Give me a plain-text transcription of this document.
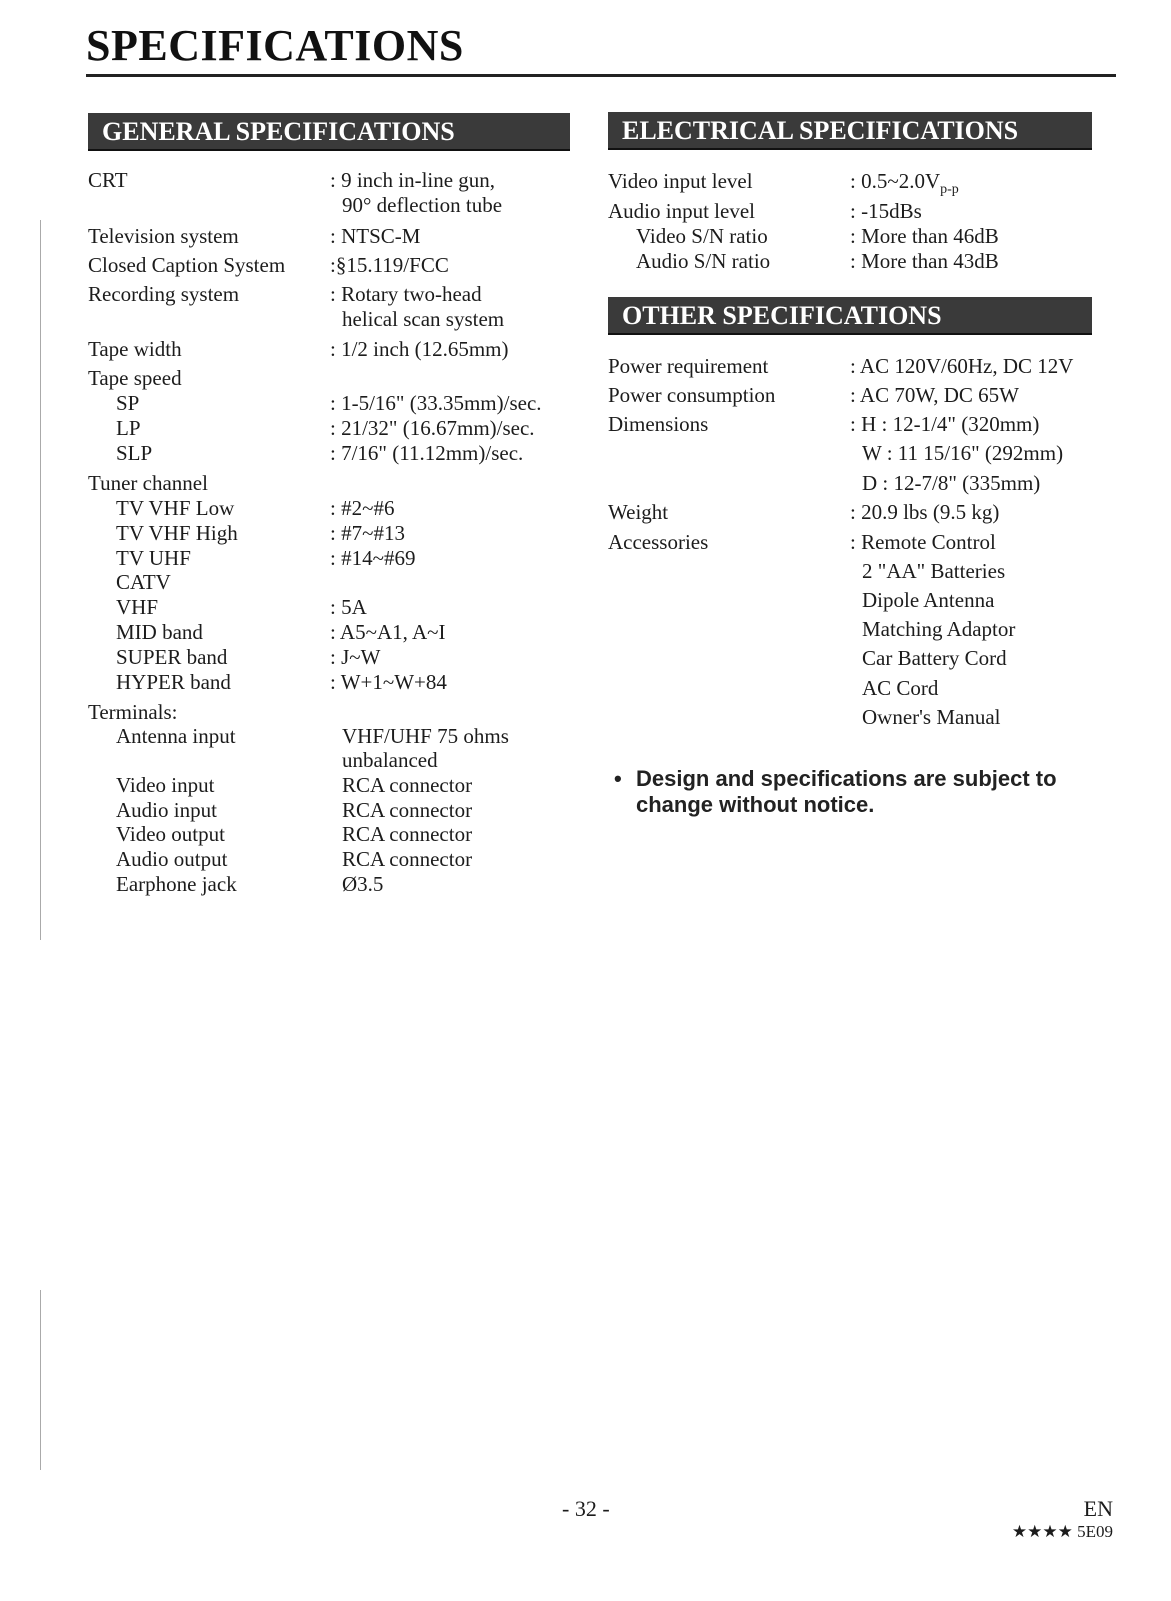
SPECIFICATIONS
GENERAL SPECIFICATIONS
CRT	: 9 inch in-line gun,
90° deflection tube
Television system	: NTSC-M
Closed Caption System :§15.119/FCC
Recording system	: Rotary two-head
helical scan system
Tape width	: 1/2 inch (12.65mm)
Tape speed
SP	: 1-5/16" (33.35mm)/sec.
LP	: 21/32" (16.67mm)/sec.
SLP	: 7/16" (11.12mm)/sec.
Tuner channel
TV VHF Low	: #2~#6
TV VHF High	: #7~#13
TV UHF	: #14~#69
CATV
VHF	: 5A
MID band	: A5~A1, A~I
SUPER band	: J~W
HYPER band	: W+1~W+84
Terminals:
Antenna input	VHF/UHF 75 ohms
unbalanced
Video input	RCA connector
Audio input	RCA connector
Video output	RCA connector
Audio output	RCA connector
Earphone jack	Ø3.5
ELECTRICAL SPECIFICATIONS
Video input level	: $0.5\sim 2.0V_{p-p}$
Audio input level	: -15dBs
Video S/N ratio	: More than 46dB
Audio S/N ratio	: More than 43dB
OTHER SPECIFICATIONS
Power requirement	: AC 120V/60Hz, DC 12V
Power consumption	: AC 70W, DC 65W
Dimensions	: H : 12-1/4" (320mm)
W : 11 15/16" (292mm)
D : 12-7/8" (335mm)
Weight	: 20.9 lbs (9.5 kg)
Accessories	: Remote Control
2 "AA" Batteries
Dipole Antenna
Matching Adaptor
Car Battery Cord
AC Cord
Owner's Manual
• Design and specifications are subject to change without notice.
- 32 -	EN
★★★★ 5E09
